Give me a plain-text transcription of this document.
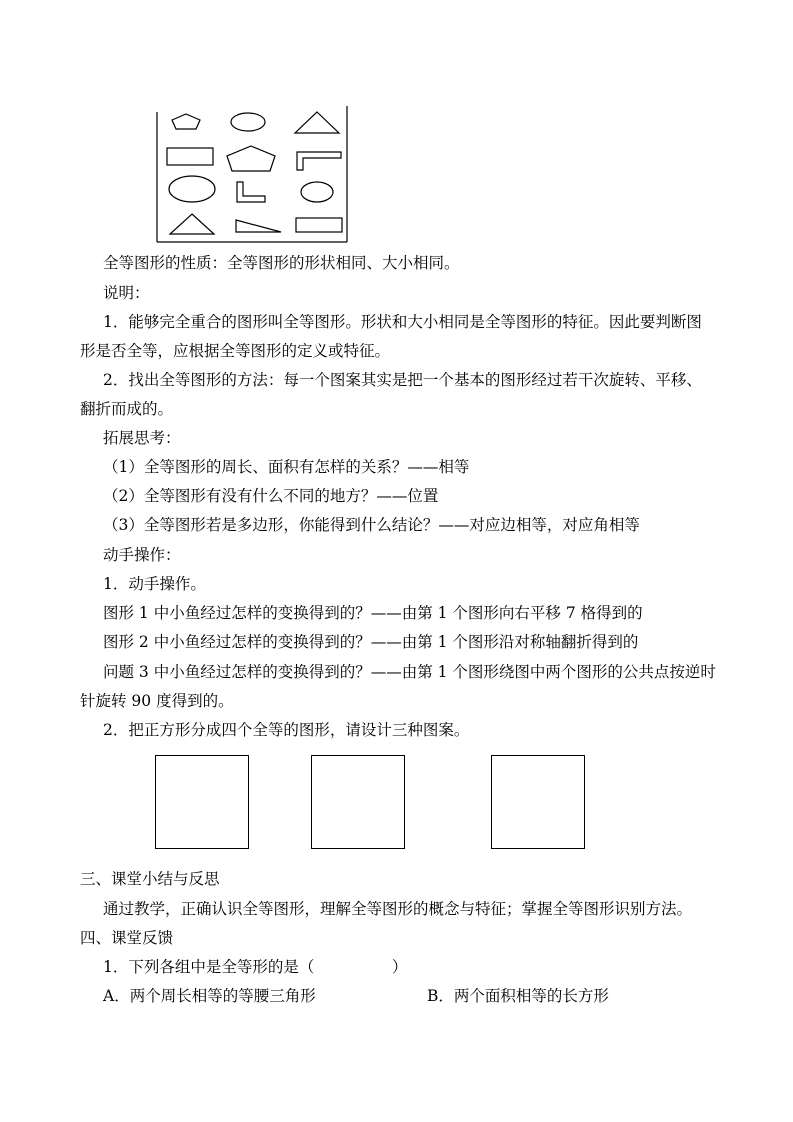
全等图形的性质：全等图形的形状相同、大小相同。
说明：
1．能够完全重合的图形叫全等图形。形状和大小相同是全等图形的特征。因此要判断图
形是否全等，应根据全等图形的定义或特征。
2．找出全等图形的方法：每一个图案其实是把一个基本的图形经过若干次旋转、平移、
翻折而成的。
拓展思考：
（1）全等图形的周长、面积有怎样的关系？——相等
（2）全等图形有没有什么不同的地方？——位置
（3）全等图形若是多边形，你能得到什么结论？——对应边相等，对应角相等
动手操作：
1．动手操作。
图形 1 中小鱼经过怎样的变换得到的？——由第 1 个图形向右平移 7 格得到的
图形 2 中小鱼经过怎样的变换得到的？——由第 1 个图形沿对称轴翻折得到的
问题 3 中小鱼经过怎样的变换得到的？——由第 1 个图形绕图中两个图形的公共点按逆时
针旋转 90 度得到的。
2．把正方形分成四个全等的图形，请设计三种图案。
三、课堂小结与反思
通过教学，正确认识全等图形，理解全等图形的概念与特征；掌握全等图形识别方法。
四、课堂反馈
1．下列各组中是全等形的是（　　　　　）
A．两个周长相等的等腰三角形	B．两个面积相等的长方形
